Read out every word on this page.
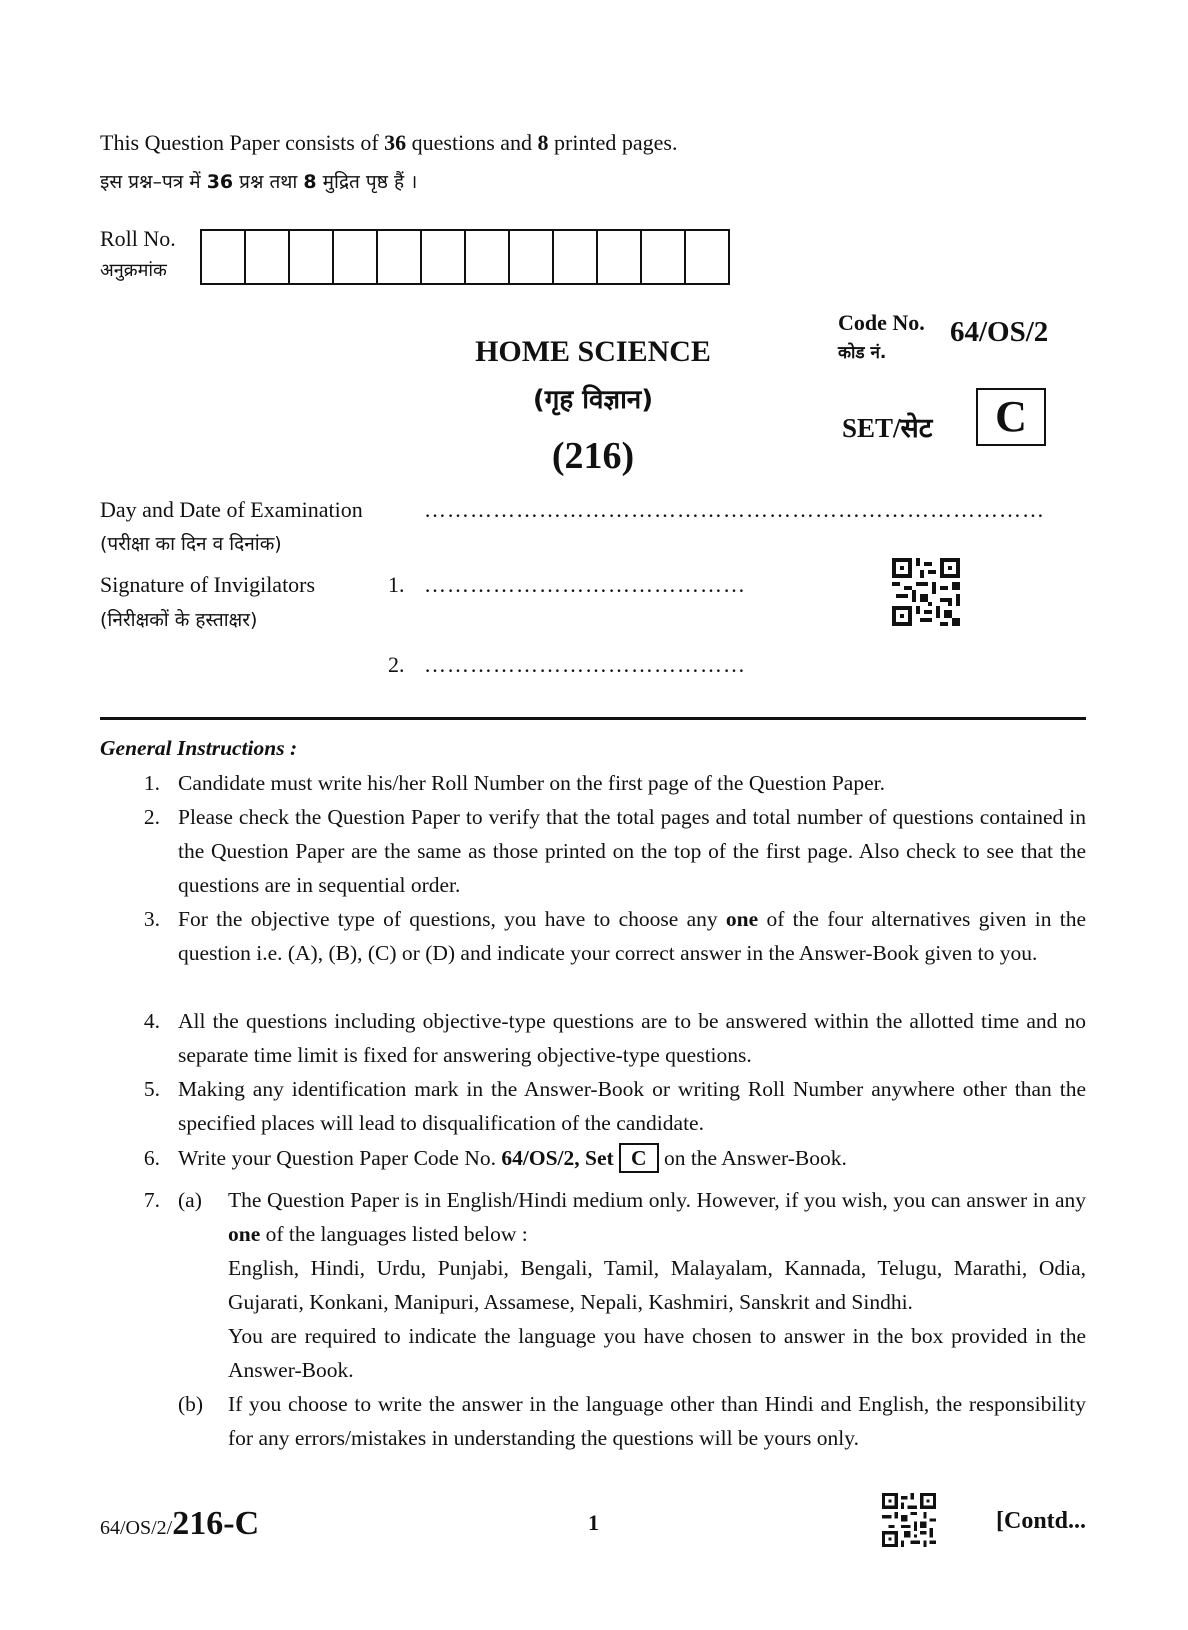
This Question Paper consists of 36 questions and 8 printed pages.
इस प्रश्न–पत्र में 36 प्रश्न तथा 8 मुद्रित पृष्ठ हैं ।
Roll No.
अनुक्रमांक
HOME SCIENCE
(गृह विज्ञान)
(216)
Code No.
कोड नं.
64/OS/2
SET/सेट	C
Day and Date of Examination
(परीक्षा का दिन व दिनांक)
………………………………………………………………………
Signature of Invigilators
(निरीक्षकों के हस्ताक्षर)
1. ……………………………………
2. ……………………………………
General Instructions :
1. Candidate must write his/her Roll Number on the first page of the Question Paper.
2. Please check the Question Paper to verify that the total pages and total number of questions contained in the Question Paper are the same as those printed on the top of the first page. Also check to see that the questions are in sequential order.
3. For the objective type of questions, you have to choose any one of the four alternatives given in the question i.e. (A), (B), (C) or (D) and indicate your correct answer in the Answer-Book given to you.
4. All the questions including objective-type questions are to be answered within the allotted time and no separate time limit is fixed for answering objective-type questions.
5. Making any identification mark in the Answer-Book or writing Roll Number anywhere other than the specified places will lead to disqualification of the candidate.
6. Write your Question Paper Code No. 64/OS/2, Set C on the Answer-Book.
7. (a) The Question Paper is in English/Hindi medium only. However, if you wish, you can answer in any one of the languages listed below :
English, Hindi, Urdu, Punjabi, Bengali, Tamil, Malayalam, Kannada, Telugu, Marathi, Odia, Gujarati, Konkani, Manipuri, Assamese, Nepali, Kashmiri, Sanskrit and Sindhi.
You are required to indicate the language you have chosen to answer in the box provided in the Answer-Book.
(b) If you choose to write the answer in the language other than Hindi and English, the responsibility for any errors/mistakes in understanding the questions will be yours only.
64/OS/2/216-C	1	[Contd...
